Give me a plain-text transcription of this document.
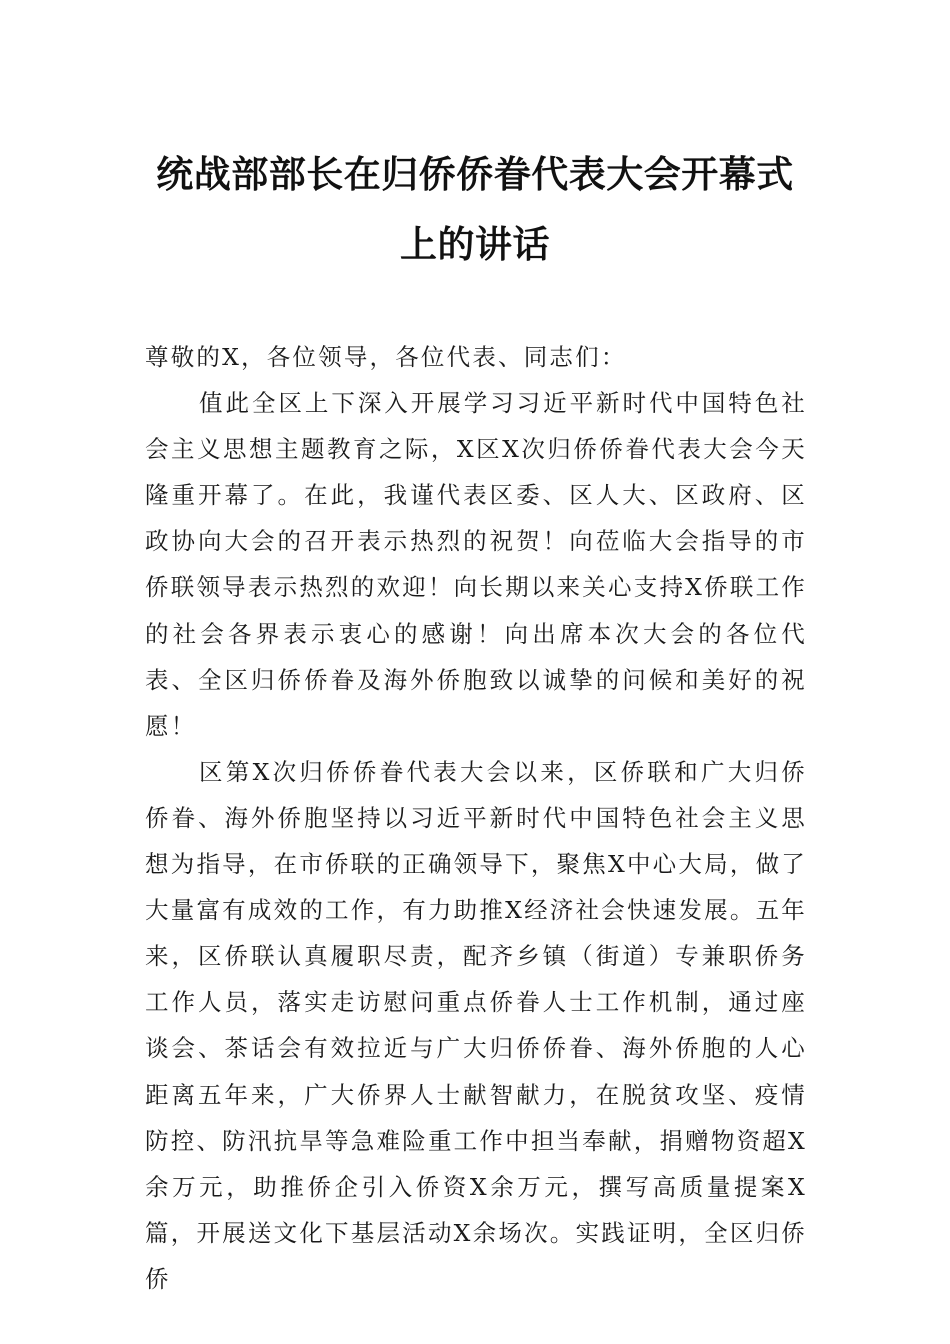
统战部部长在归侨侨眷代表大会开幕式上的讲话

尊敬的X，各位领导，各位代表、同志们：

值此全区上下深入开展学习习近平新时代中国特色社会主义思想主题教育之际，X区X次归侨侨眷代表大会今天隆重开幕了。在此，我谨代表区委、区人大、区政府、区政协向大会的召开表示热烈的祝贺！向莅临大会指导的市侨联领导表示热烈的欢迎！向长期以来关心支持X侨联工作的社会各界表示衷心的感谢！向出席本次大会的各位代表、全区归侨侨眷及海外侨胞致以诚挚的问候和美好的祝愿！

区第X次归侨侨眷代表大会以来，区侨联和广大归侨侨眷、海外侨胞坚持以习近平新时代中国特色社会主义思想为指导，在市侨联的正确领导下，聚焦X中心大局，做了大量富有成效的工作，有力助推X经济社会快速发展。五年来，区侨联认真履职尽责，配齐乡镇（街道）专兼职侨务工作人员，落实走访慰问重点侨眷人士工作机制，通过座谈会、茶话会有效拉近与广大归侨侨眷、海外侨胞的人心距离五年来，广大侨界人士献智献力，在脱贫攻坚、疫情防控、防汛抗旱等急难险重工作中担当奉献，捐赠物资超X余万元，助推侨企引入侨资X余万元，撰写高质量提案X篇，开展送文化下基层活动X余场次。实践证明，全区归侨侨
